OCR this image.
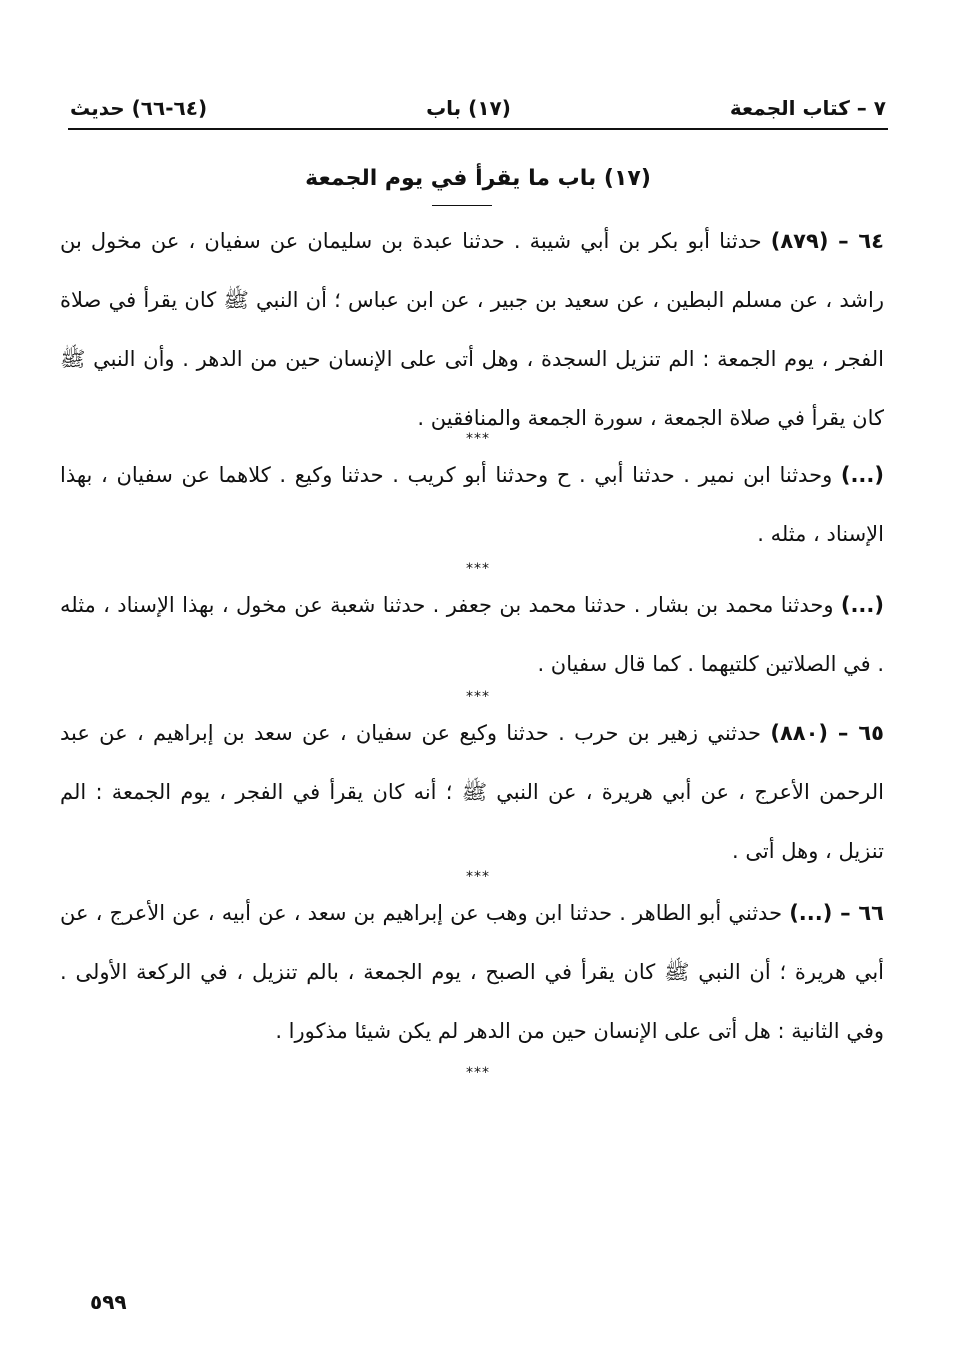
٧ – كتاب الجمعة
(١٧) باب
(٦٤-٦٦) حديث
(١٧) باب ما يقرأ في يوم الجمعة

٦٤ – (٨٧٩) حدثنا أبو بكر بن أبي شيبة . حدثنا عبدة بن سليمان عن سفيان ، عن مخول بن راشد ، عن مسلم البطين ، عن سعيد بن جبير ، عن ابن عباس ؛ أن النبي ﷺ كان يقرأ في صلاة الفجر ، يوم الجمعة : الم تنزيل السجدة ، وهل أتى على الإنسان حين من الدهر . وأن النبي ﷺ كان يقرأ في صلاة الجمعة ، سورة الجمعة والمنافقين .

***

(...) وحدثنا ابن نمير . حدثنا أبي . ح وحدثنا أبو كريب . حدثنا وكيع . كلاهما عن سفيان ، بهذا الإسناد ، مثله .

***

(...) وحدثنا محمد بن بشار . حدثنا محمد بن جعفر . حدثنا شعبة عن مخول ، بهذا الإسناد ، مثله . في الصلاتين كلتيهما . كما قال سفيان .

***

٦٥ – (٨٨٠) حدثني زهير بن حرب . حدثنا وكيع عن سفيان ، عن سعد بن إبراهيم ، عن عبد الرحمن الأعرج ، عن أبي هريرة ، عن النبي ﷺ ؛ أنه كان يقرأ في الفجر ، يوم الجمعة : الم تنزيل ، وهل أتى .

***

٦٦ – (...) حدثني أبو الطاهر . حدثنا ابن وهب عن إبراهيم بن سعد ، عن أبيه ، عن الأعرج ، عن أبي هريرة ؛ أن النبي ﷺ كان يقرأ في الصبح ، يوم الجمعة ، بالم تنزيل ، في الركعة الأولى . وفي الثانية : هل أتى على الإنسان حين من الدهر لم يكن شيئا مذكورا .

***
٥٩٩
